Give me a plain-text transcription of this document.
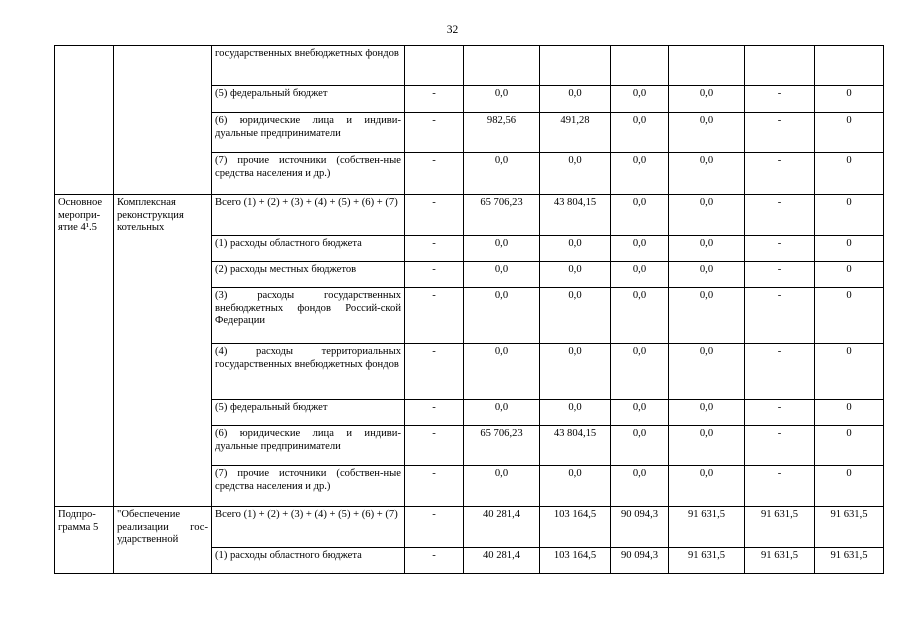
32
		государственных внебюджетных фондов							
		(5) федеральный бюджет	-	0,0	0,0	0,0	0,0	-	0
		(6) юридические лица и индиви-дуальные предприниматели	-	982,56	491,28	0,0	0,0	-	0
		(7) прочие источники (собствен-ные средства населения и др.)	-	0,0	0,0	0,0	0,0	-	0
Основное меропри-ятие 4¹.5	Комплексная реконструкция котельных	Всего (1) + (2) + (3) + (4) + (5) + (6) + (7)	-	65 706,23	43 804,15	0,0	0,0	-	0
		(1) расходы областного бюджета	-	0,0	0,0	0,0	0,0	-	0
		(2) расходы местных бюджетов	-	0,0	0,0	0,0	0,0	-	0
		(3) расходы государственных внебюджетных фондов Россий-ской Федерации	-	0,0	0,0	0,0	0,0	-	0
		(4) расходы территориальных государственных внебюджетных фондов	-	0,0	0,0	0,0	0,0	-	0
		(5) федеральный бюджет	-	0,0	0,0	0,0	0,0	-	0
		(6) юридические лица и индиви-дуальные предприниматели	-	65 706,23	43 804,15	0,0	0,0	-	0
		(7) прочие источники (собствен-ные средства населения и др.)	-	0,0	0,0	0,0	0,0	-	0
Подпро-грамма 5	"Обеспечение реализации гос-ударственной	Всего (1) + (2) + (3) + (4) + (5) + (6) + (7)	-	40 281,4	103 164,5	90 094,3	91 631,5	91 631,5	91 631,5
		(1) расходы областного бюджета	-	40 281,4	103 164,5	90 094,3	91 631,5	91 631,5	91 631,5
